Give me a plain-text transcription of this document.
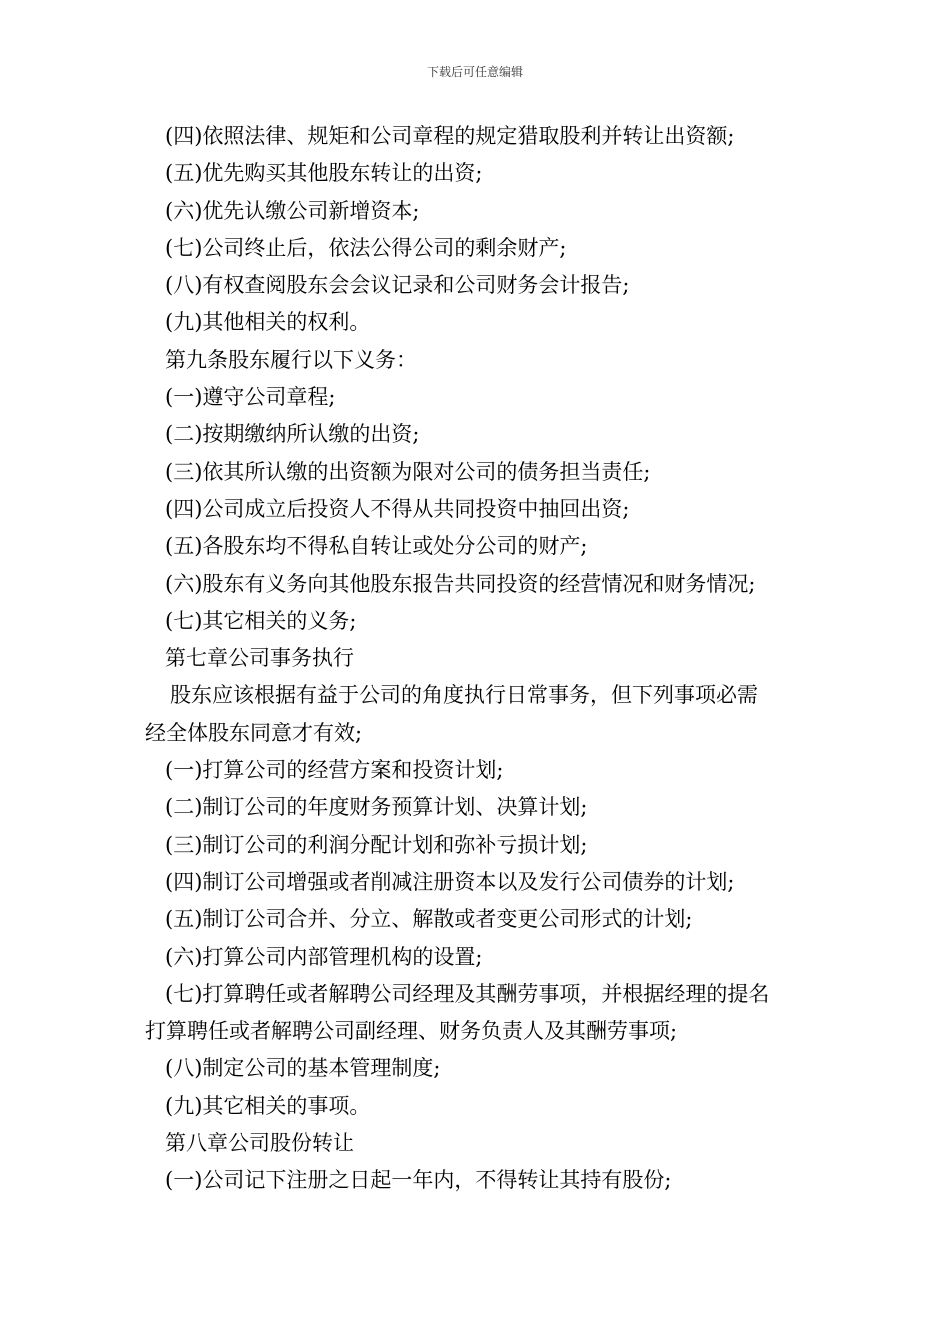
下载后可任意编辑
(四)依照法律、规矩和公司章程的规定猎取股利并转让出资额;
(五)优先购买其他股东转让的出资;
(六)优先认缴公司新增资本;
(七)公司终止后，依法公得公司的剩余财产;
(八)有权查阅股东会会议记录和公司财务会计报告;
(九)其他相关的权利。
第九条股东履行以下义务：
(一)遵守公司章程;
(二)按期缴纳所认缴的出资;
(三)依其所认缴的出资额为限对公司的债务担当责任;
(四)公司成立后投资人不得从共同投资中抽回出资;
(五)各股东均不得私自转让或处分公司的财产;
(六)股东有义务向其他股东报告共同投资的经营情况和财务情况;
(七)其它相关的义务;
第七章公司事务执行
股东应该根据有益于公司的角度执行日常事务，但下列事项必需
经全体股东同意才有效;
(一)打算公司的经营方案和投资计划;
(二)制订公司的年度财务预算计划、决算计划;
(三)制订公司的利润分配计划和弥补亏损计划;
(四)制订公司增强或者削减注册资本以及发行公司债券的计划;
(五)制订公司合并、分立、解散或者变更公司形式的计划;
(六)打算公司内部管理机构的设置;
(七)打算聘任或者解聘公司经理及其酬劳事项，并根据经理的提名
打算聘任或者解聘公司副经理、财务负责人及其酬劳事项;
(八)制定公司的基本管理制度;
(九)其它相关的事项。
第八章公司股份转让
(一)公司记下注册之日起一年内，不得转让其持有股份;
